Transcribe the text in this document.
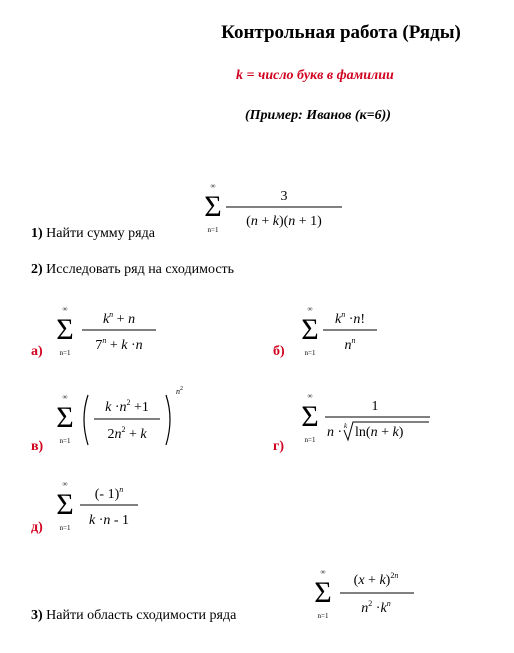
Контрольная работа (Ряды)
k = число букв в фамилии
(Пример: Иванов (к=6))
∞
Σ
n=1
3
(n + k)(n + 1)
1) Найти сумму ряда
2) Исследовать ряд на сходимость
а)
∞
Σ
n=1
$k^n + n$
$7^n + k \cdot n$	б)
∞
Σ
n=1
$k^n \cdot n$!
$n^n$
в)
∞
Σ
n=1
$k \cdot n^2 +1$
$2n^2 + k$
$n^2$
г)
∞
Σ
n=1
1
n · k ln(n + k)
д)
∞
Σ
n=1
(- 1)$^n$
k ·n - 1
∞
Σ
n=1
$(x + k)^2n$
$n^2 \cdot k^n$
3) Найти область сходимости ряда
